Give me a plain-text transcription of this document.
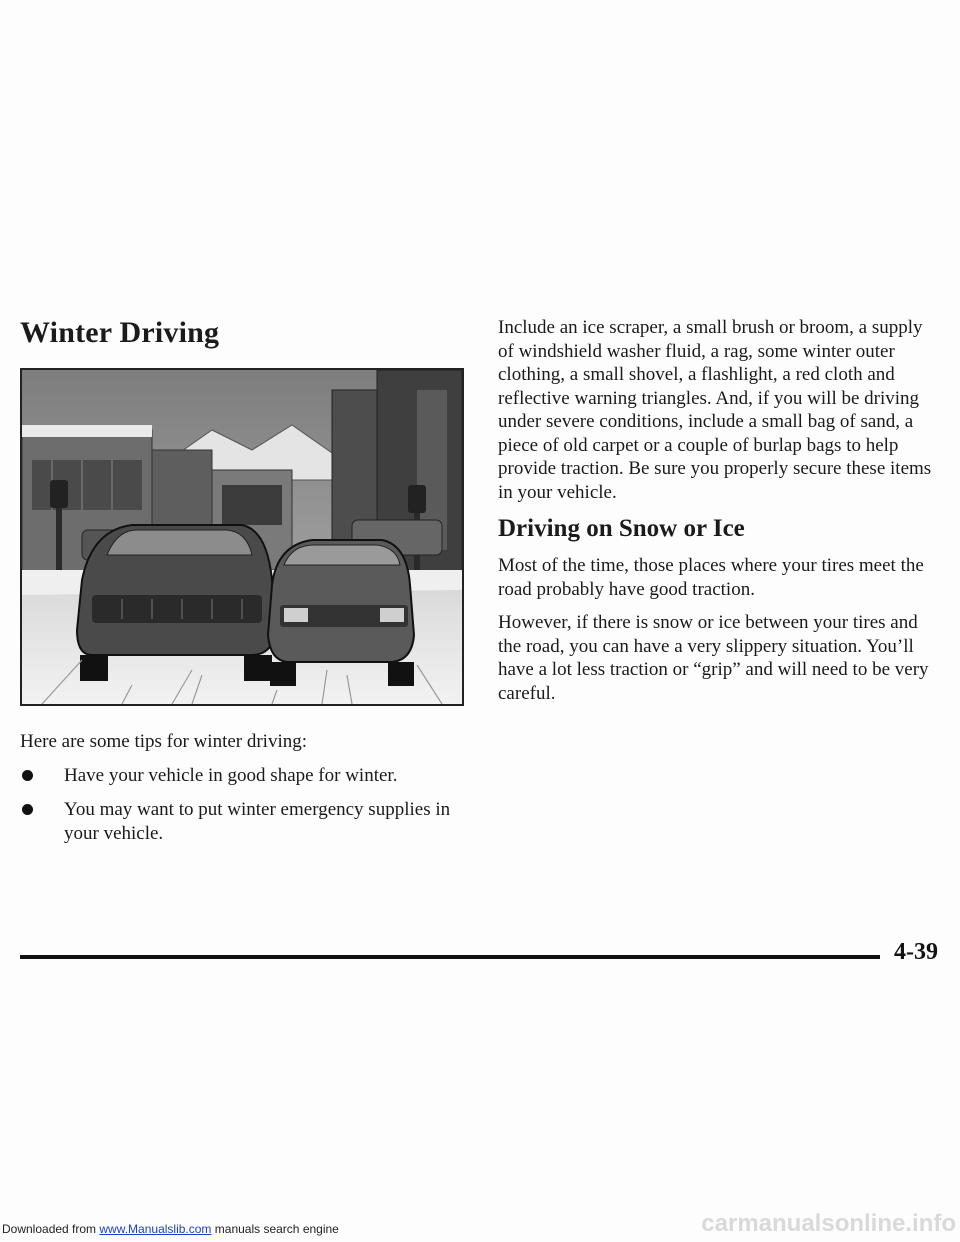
Winter Driving

Here are some tips for winter driving:

Have your vehicle in good shape for winter.
You may want to put winter emergency supplies in your vehicle.

Include an ice scraper, a small brush or broom, a supply of windshield washer fluid, a rag, some winter outer clothing, a small shovel, a flashlight, a red cloth and reflective warning triangles. And, if you will be driving under severe conditions, include a small bag of sand, a piece of old carpet or a couple of burlap bags to help provide traction. Be sure you properly secure these items in your vehicle.

Driving on Snow or Ice

Most of the time, those places where your tires meet the road probably have good traction.

However, if there is snow or ice between your tires and the road, you can have a very slippery situation. You’ll have a lot less traction or “grip” and will need to be very careful.

4-39
carmanualsonline.info
Downloaded from www.Manualslib.com manuals search engine
